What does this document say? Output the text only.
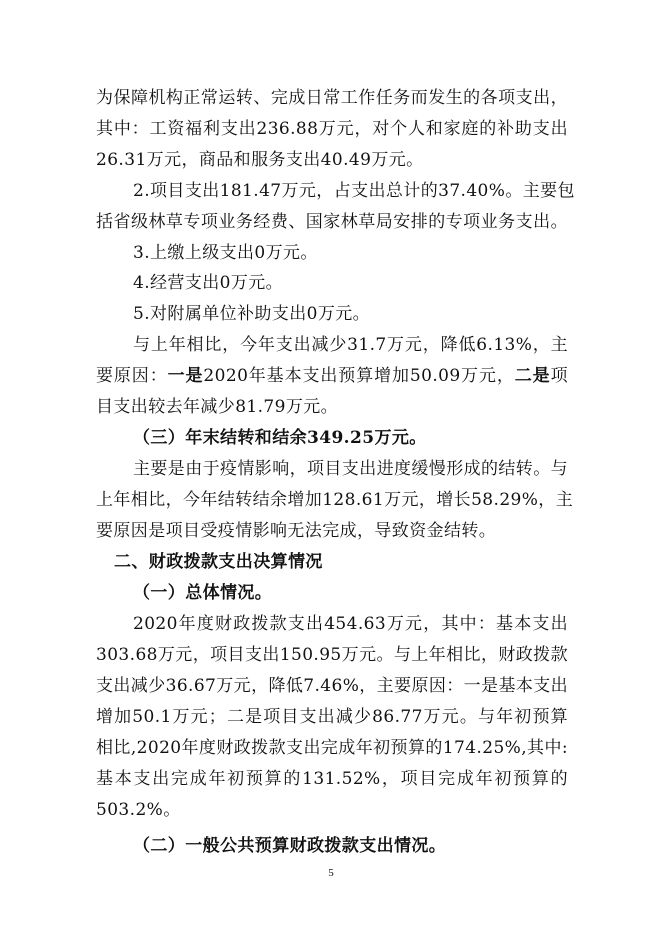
为保障机构正常运转、完成日常工作任务而发生的各项支出，
其中：工资福利支出236.88万元，对个人和家庭的补助支出
26.31万元，商品和服务支出40.49万元。
2.项目支出181.47万元，占支出总计的37.40%。主要包
括省级林草专项业务经费、国家林草局安排的专项业务支出。
3.上缴上级支出0万元。
4.经营支出0万元。
5.对附属单位补助支出0万元。
与上年相比，今年支出减少31.7万元，降低6.13%，主
要原因：一是2020年基本支出预算增加50.09万元，二是项
目支出较去年减少81.79万元。
（三）年末结转和结余349.25万元。
主要是由于疫情影响，项目支出进度缓慢形成的结转。与
上年相比，今年结转结余增加128.61万元，增长58.29%，主
要原因是项目受疫情影响无法完成，导致资金结转。
二、财政拨款支出决算情况
（一）总体情况。
2020年度财政拨款支出454.63万元，其中：基本支出
303.68万元，项目支出150.95万元。与上年相比，财政拨款
支出减少36.67万元，降低7.46%，主要原因：一是基本支出
增加50.1万元；二是项目支出减少86.77万元。与年初预算
相比,2020年度财政拨款支出完成年初预算的174.25%,其中:
基本支出完成年初预算的131.52%，项目完成年初预算的
503.2%。
（二）一般公共预算财政拨款支出情况。
5
